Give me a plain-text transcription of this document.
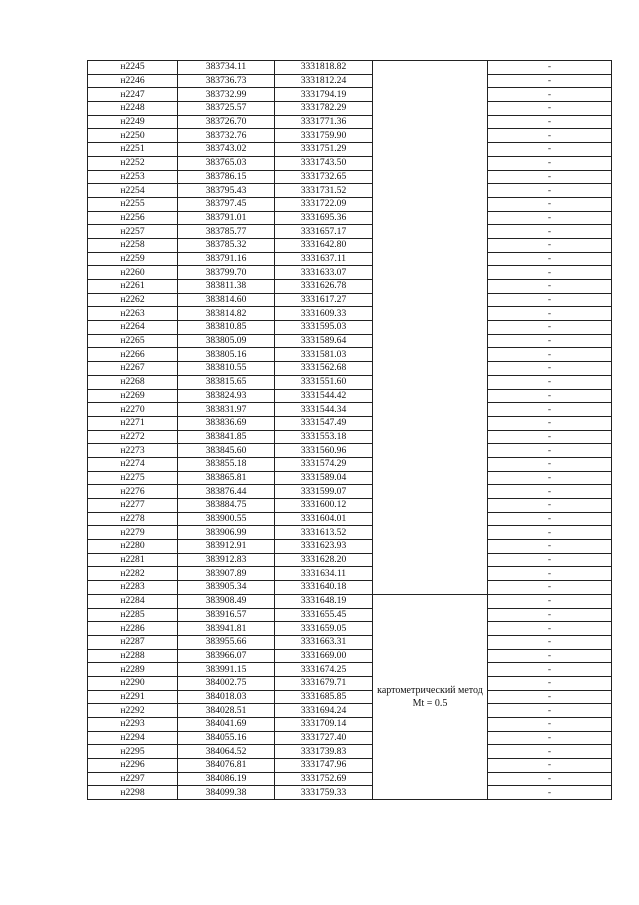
н2245	383734.11	3331818.82		-
н2246	383736.73	3331812.24		-
н2247	383732.99	3331794.19		-
н2248	383725.57	3331782.29		-
н2249	383726.70	3331771.36		-
н2250	383732.76	3331759.90		-
н2251	383743.02	3331751.29		-
н2252	383765.03	3331743.50		-
н2253	383786.15	3331732.65		-
н2254	383795.43	3331731.52		-
н2255	383797.45	3331722.09		-
н2256	383791.01	3331695.36		-
н2257	383785.77	3331657.17		-
н2258	383785.32	3331642.80		-
н2259	383791.16	3331637.11		-
н2260	383799.70	3331633.07		-
н2261	383811.38	3331626.78		-
н2262	383814.60	3331617.27		-
н2263	383814.82	3331609.33		-
н2264	383810.85	3331595.03		-
н2265	383805.09	3331589.64		-
н2266	383805.16	3331581.03		-
н2267	383810.55	3331562.68		-
н2268	383815.65	3331551.60		-
н2269	383824.93	3331544.42		-
н2270	383831.97	3331544.34		-
н2271	383836.69	3331547.49		-
н2272	383841.85	3331553.18		-
н2273	383845.60	3331560.96		-
н2274	383855.18	3331574.29		-
н2275	383865.81	3331589.04		-
н2276	383876.44	3331599.07		-
н2277	383884.75	3331600.12		-
н2278	383900.55	3331604.01		-
н2279	383906.99	3331613.52		-
н2280	383912.91	3331623.93		-
н2281	383912.83	3331628.20		-
н2282	383907.89	3331634.11		-
н2283	383905.34	3331640.18		-
н2284	383908.49	3331648.19	картометрический метод Mt = 0.5	-
н2285	383916.57	3331655.45		-
н2286	383941.81	3331659.05		-
н2287	383955.66	3331663.31		-
н2288	383966.07	3331669.00		-
н2289	383991.15	3331674.25		-
н2290	384002.75	3331679.71		-
н2291	384018.03	3331685.85		-
н2292	384028.51	3331694.24		-
н2293	384041.69	3331709.14		-
н2294	384055.16	3331727.40		-
н2295	384064.52	3331739.83		-
н2296	384076.81	3331747.96		-
н2297	384086.19	3331752.69		-
н2298	384099.38	3331759.33		-
